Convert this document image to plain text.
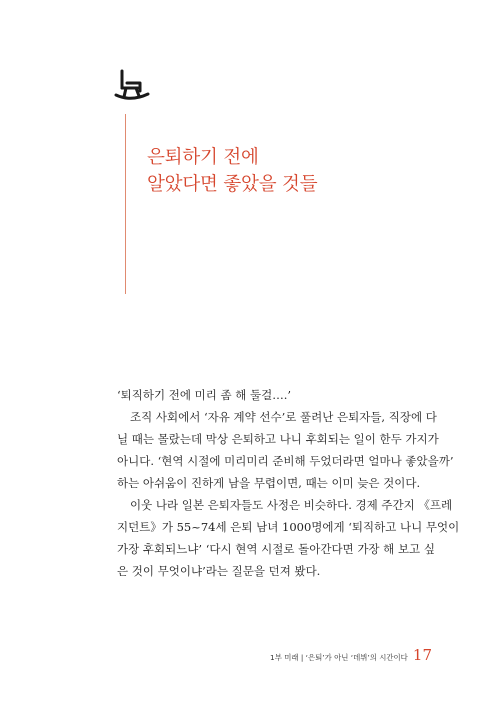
은퇴하기 전에
알았다면 좋았을 것들
‘퇴직하기 전에 미리 좀 해 둘걸….’
조직 사회에서 ‘자유 계약 선수’로 풀려난 은퇴자들, 직장에 다
닐 때는 몰랐는데 막상 은퇴하고 나니 후회되는 일이 한두 가지가
아니다. ‘현역 시절에 미리미리 준비해 두었더라면 얼마나 좋았을까’
하는 아쉬움이 진하게 남을 무렵이면, 때는 이미 늦은 것이다.
이웃 나라 일본 은퇴자들도 사정은 비슷하다. 경제 주간지 《프레
지던트》가 55~74세 은퇴 남녀 1000명에게 ‘퇴직하고 나니 무엇이
가장 후회되느냐’ ‘다시 현역 시절로 돌아간다면 가장 해 보고 싶
은 것이 무엇이냐’라는 질문을 던져 봤다.
1부 미래 | ‘은퇴’가 아닌 ‘데뷔’의 시간이다 17
